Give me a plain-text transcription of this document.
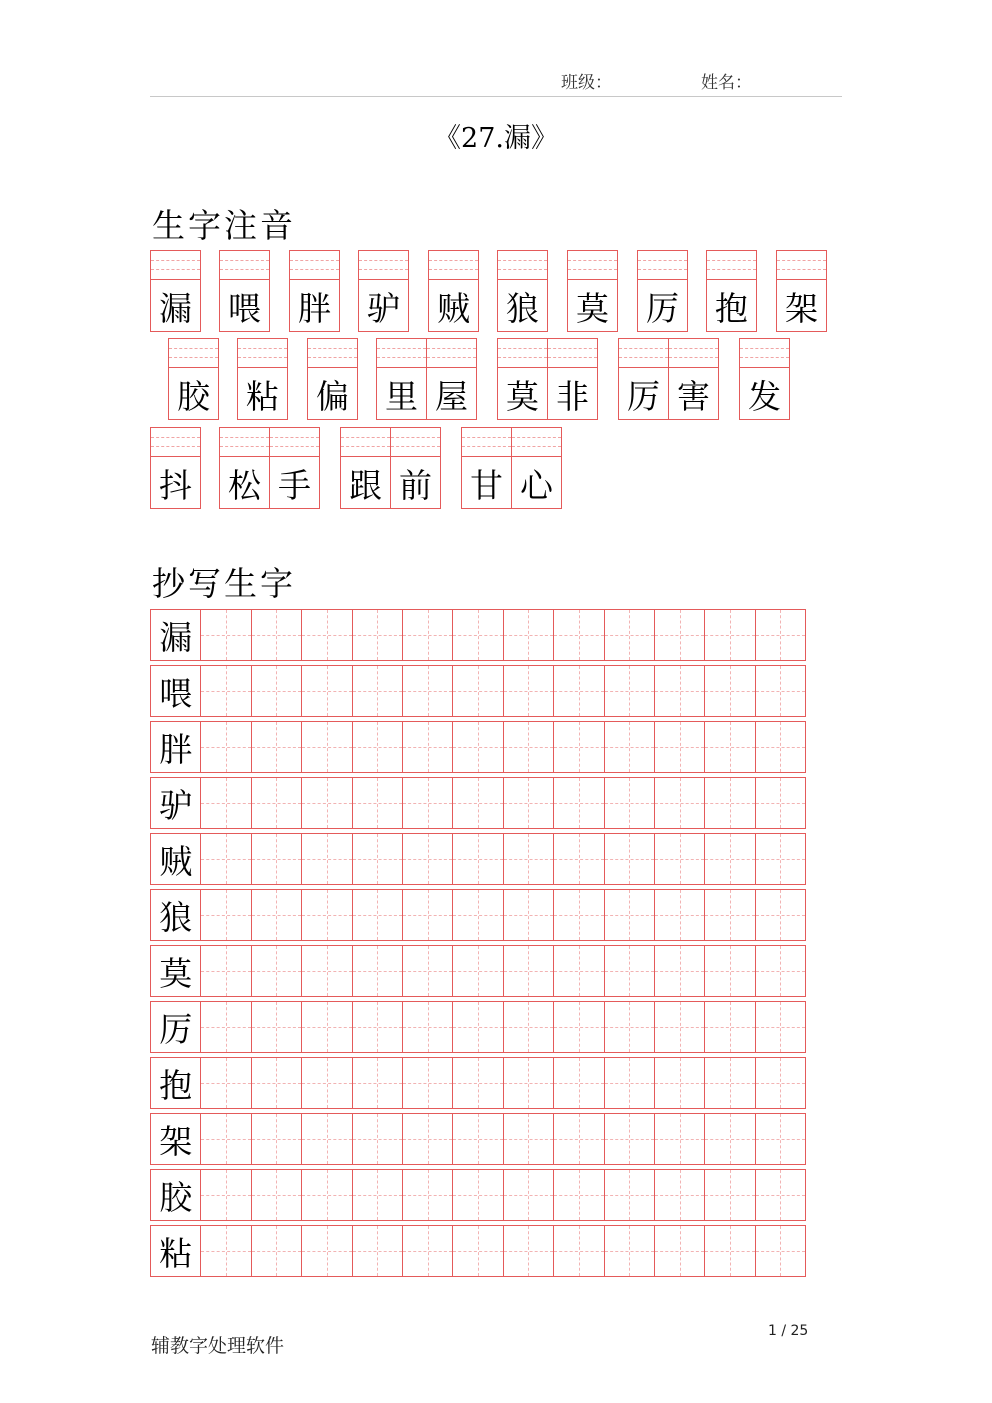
班级：	姓名：
《27.漏》
生字注音
漏 喂 胖 驴 贼 狼 莫 厉 抱 架
胶 粘 偏 里 屋 莫 非 厉 害 发
抖 松 手 跟 前 甘 心
抄写生字
漏
喂
胖
驴
贼
狼
莫
厉
抱
架
胶
粘
辅教字处理软件
1 / 25
